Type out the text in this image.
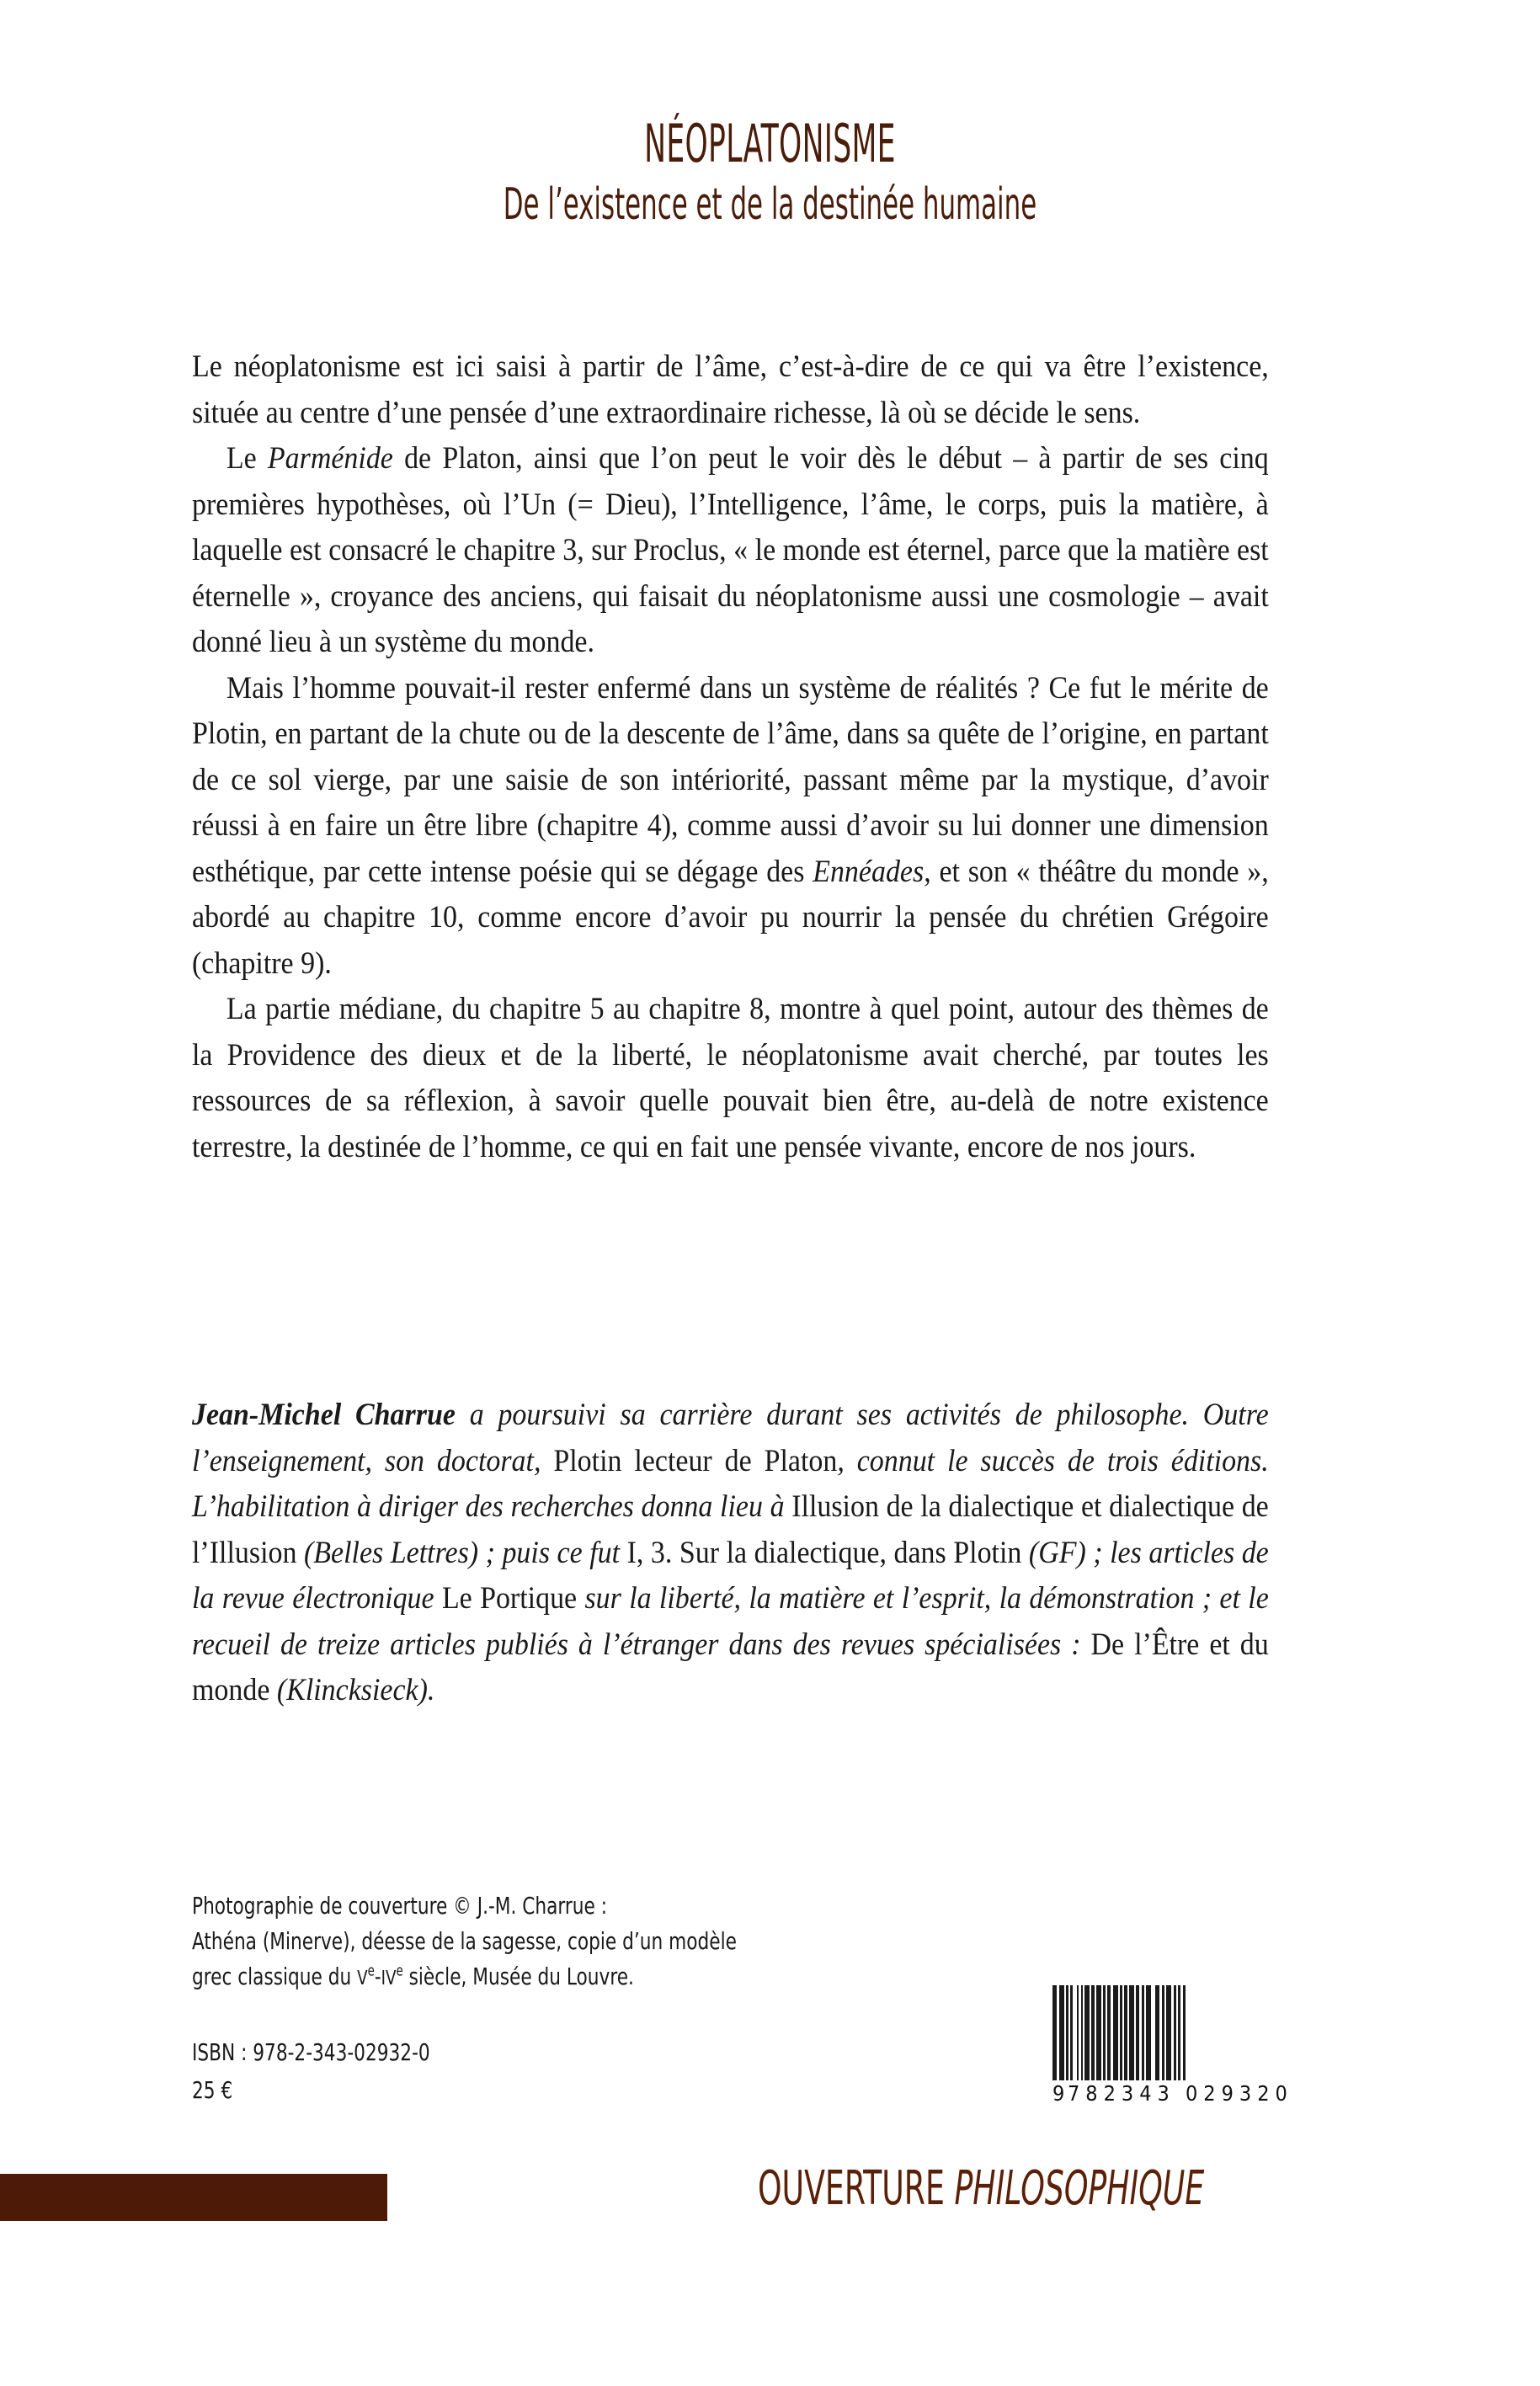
NÉOPLATONISME
De l’existence et de la destinée humaine

Le néoplatonisme est ici saisi à partir de l’âme, c’est-à-dire de ce qui va être l’existence, située au centre d’une pensée d’une extraordinaire richesse, là où se décide le sens.

Le Parménide de Platon, ainsi que l’on peut le voir dès le début – à partir de ses cinq premières hypothèses, où l’Un (= Dieu), l’Intelligence, l’âme, le corps, puis la matière, à laquelle est consacré le chapitre 3, sur Proclus, « le monde est éternel, parce que la matière est éternelle », croyance des anciens, qui faisait du néoplatonisme aussi une cosmologie – avait donné lieu à un système du monde.

Mais l’homme pouvait-il rester enfermé dans un système de réalités ? Ce fut le mérite de Plotin, en partant de la chute ou de la descente de l’âme, dans sa quête de l’origine, en partant de ce sol vierge, par une saisie de son intériorité, passant même par la mystique, d’avoir réussi à en faire un être libre (chapitre 4), comme aussi d’avoir su lui donner une dimension esthétique, par cette intense poésie qui se dégage des Ennéades, et son « théâtre du monde », abordé au chapitre 10, comme encore d’avoir pu nourrir la pensée du chrétien Grégoire (chapitre 9).

La partie médiane, du chapitre 5 au chapitre 8, montre à quel point, autour des thèmes de la Providence des dieux et de la liberté, le néoplatonisme avait cherché, par toutes les ressources de sa réflexion, à savoir quelle pouvait bien être, au-delà de notre existence terrestre, la destinée de l’homme, ce qui en fait une pensée vivante, encore de nos jours.

Jean-Michel Charrue a poursuivi sa carrière durant ses activités de philosophe. Outre l’enseignement, son doctorat, Plotin lecteur de Platon, connut le succès de trois éditions. L’habilitation à diriger des recherches donna lieu à Illusion de la dialectique et dialectique de l’Illusion (Belles Lettres) ; puis ce fut I, 3. Sur la dialectique, dans Plotin (GF) ; les articles de la revue électronique Le Portique sur la liberté, la matière et l’esprit, la démonstration ; et le recueil de treize articles publiés à l’étranger dans des revues spécialisées : De l’Être et du monde (Klincksieck).
Photographie de couverture © J.-M. Charrue :
Athéna (Minerve), déesse de la sagesse, copie d’un modèle
grec classique du Ve-IVe siècle, Musée du Louvre.
ISBN : 978-2-343-02932-0
25 €	9 782343 029320
OUVERTURE PHILOSOPHIQUE
